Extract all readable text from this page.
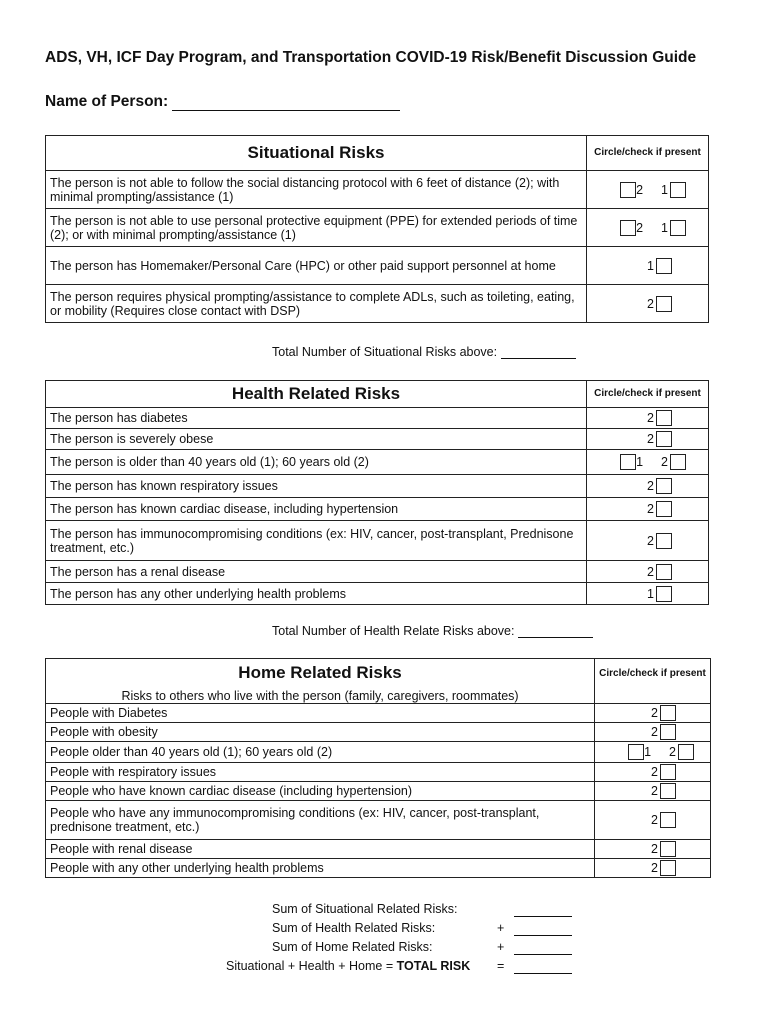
ADS, VH, ICF Day Program, and Transportation COVID-19 Risk/Benefit Discussion Guide
Name of Person:
Situational Risks	Circle/check if present
The person is not able to follow the social distancing protocol with 6 feet of distance (2); with minimal prompting/assistance (1)	2 1
The person is not able to use personal protective equipment (PPE) for extended periods of time (2); or with minimal prompting/assistance (1)	2 1
The person has Homemaker/Personal Care (HPC) or other paid support personnel at home	1
The person requires physical prompting/assistance to complete ADLs, such as toileting, eating, or mobility (Requires close contact with DSP)	2
Total Number of Situational Risks above:
Health Related Risks	Circle/check if present
The person has diabetes	2
The person is severely obese	2
The person is older than 40 years old (1); 60 years old (2)	1 2
The person has known respiratory issues	2
The person has known cardiac disease, including hypertension	2
The person has immunocompromising conditions (ex: HIV, cancer, post-transplant, Prednisone treatment, etc.)	2
The person has a renal disease	2
The person has any other underlying health problems	1
Total Number of Health Relate Risks above:
Home Related Risks
Risks to others who live with the person (family, caregivers, roommates)	Circle/check if present
People with Diabetes	2
People with obesity	2
People older than 40 years old (1); 60 years old (2)	1 2
People with respiratory issues	2
People who have known cardiac disease (including hypertension)	2
People who have any immunocompromising conditions (ex: HIV, cancer, post-transplant, prednisone treatment, etc.)	2
People with renal disease	2
People with any other underlying health problems	2
Sum of Situational Related Risks:
Sum of Health Related Risks:	+
Sum of Home Related Risks:	+
Situational + Health + Home = TOTAL RISK =
